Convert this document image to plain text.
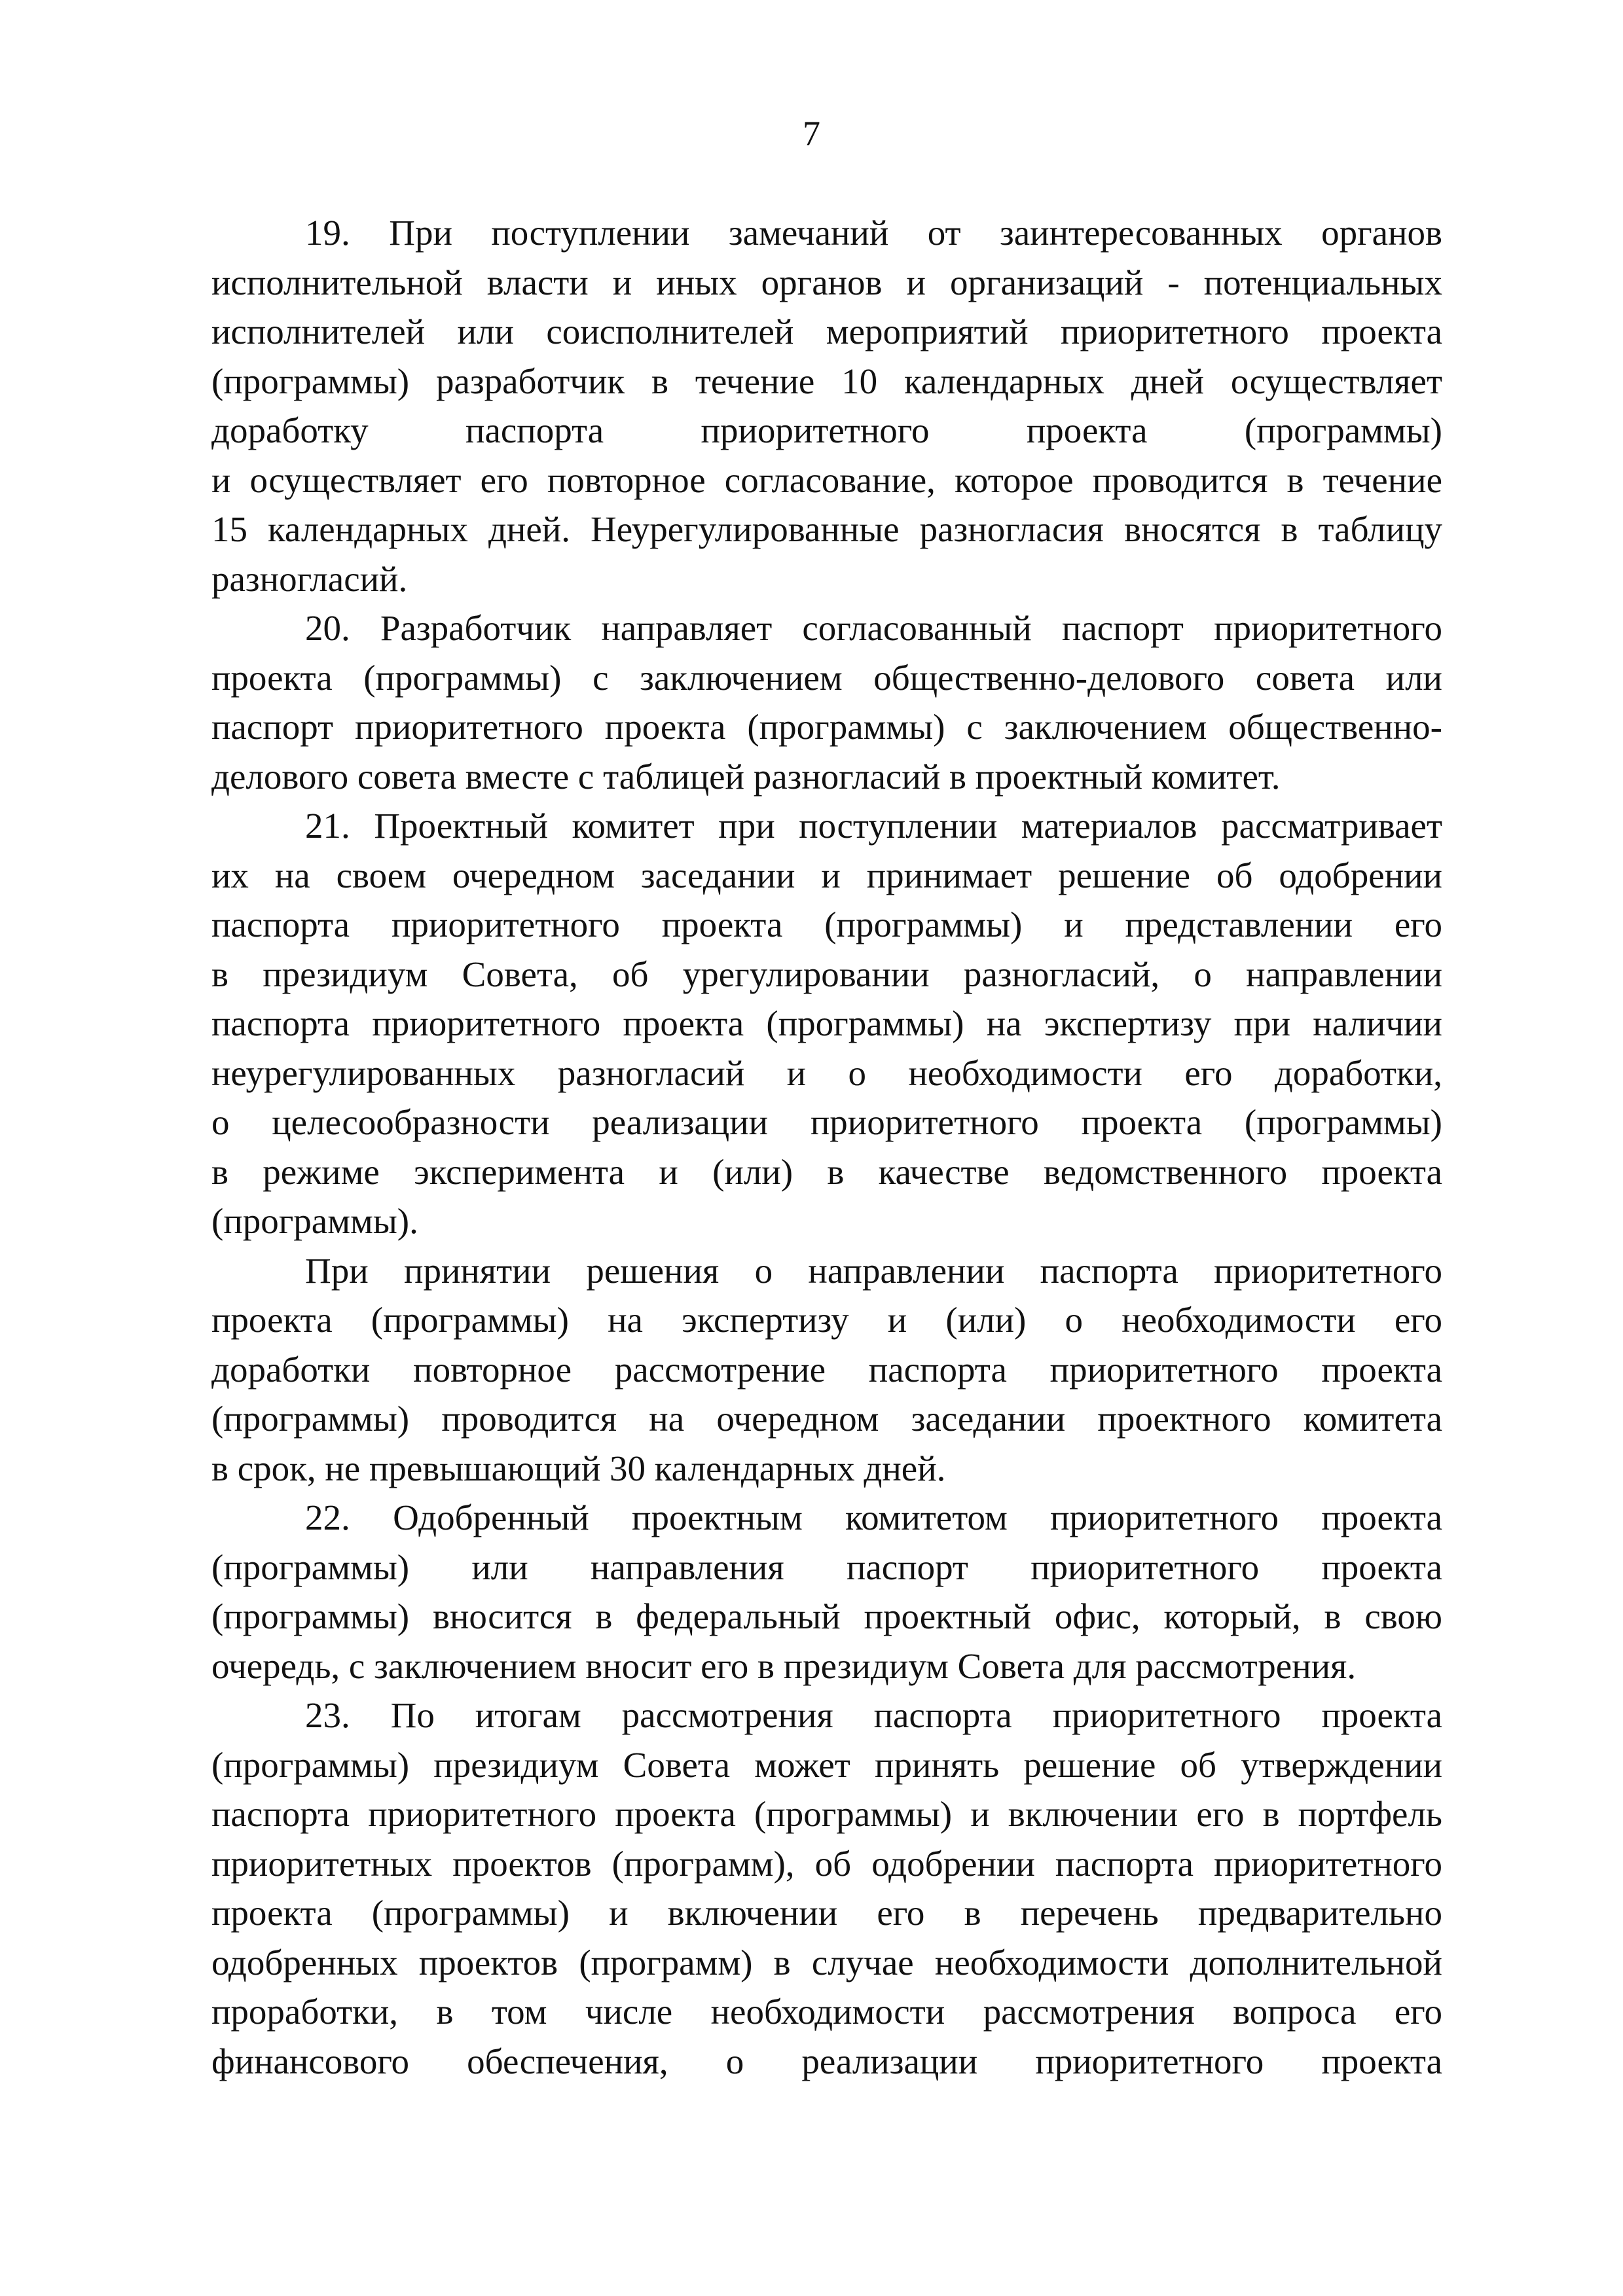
7

19. При поступлении замечаний от заинтересованных органов
исполнительной власти и иных органов и организаций - потенциальных
исполнителей или соисполнителей мероприятий приоритетного проекта
(программы) разработчик в течение 10 календарных дней осуществляет
доработку паспорта приоритетного проекта (программы)
и осуществляет его повторное согласование, которое проводится в течение
15 календарных дней. Неурегулированные разногласия вносятся в таблицу
разногласий.

20. Разработчик направляет согласованный паспорт приоритетного
проекта (программы) с заключением общественно-делового совета или
паспорт приоритетного проекта (программы) с заключением общественно-
делового совета вместе с таблицей разногласий в проектный комитет.

21. Проектный комитет при поступлении материалов рассматривает
их на своем очередном заседании и принимает решение об одобрении
паспорта приоритетного проекта (программы) и представлении его
в президиум Совета, об урегулировании разногласий, о направлении
паспорта приоритетного проекта (программы) на экспертизу при наличии
неурегулированных разногласий и о необходимости его доработки,
о целесообразности реализации приоритетного проекта (программы)
в режиме эксперимента и (или) в качестве ведомственного проекта
(программы).

При принятии решения о направлении паспорта приоритетного
проекта (программы) на экспертизу и (или) о необходимости его
доработки повторное рассмотрение паспорта приоритетного проекта
(программы) проводится на очередном заседании проектного комитета
в срок, не превышающий 30 календарных дней.

22. Одобренный проектным комитетом приоритетного проекта
(программы) или направления паспорт приоритетного проекта
(программы) вносится в федеральный проектный офис, который, в свою
очередь, с заключением вносит его в президиум Совета для рассмотрения.

23. По итогам рассмотрения паспорта приоритетного проекта
(программы) президиум Совета может принять решение об утверждении
паспорта приоритетного проекта (программы) и включении его в портфель
приоритетных проектов (программ), об одобрении паспорта приоритетного
проекта (программы) и включении его в перечень предварительно
одобренных проектов (программ) в случае необходимости дополнительной
проработки, в том числе необходимости рассмотрения вопроса его
финансового обеспечения, о реализации приоритетного проекта
